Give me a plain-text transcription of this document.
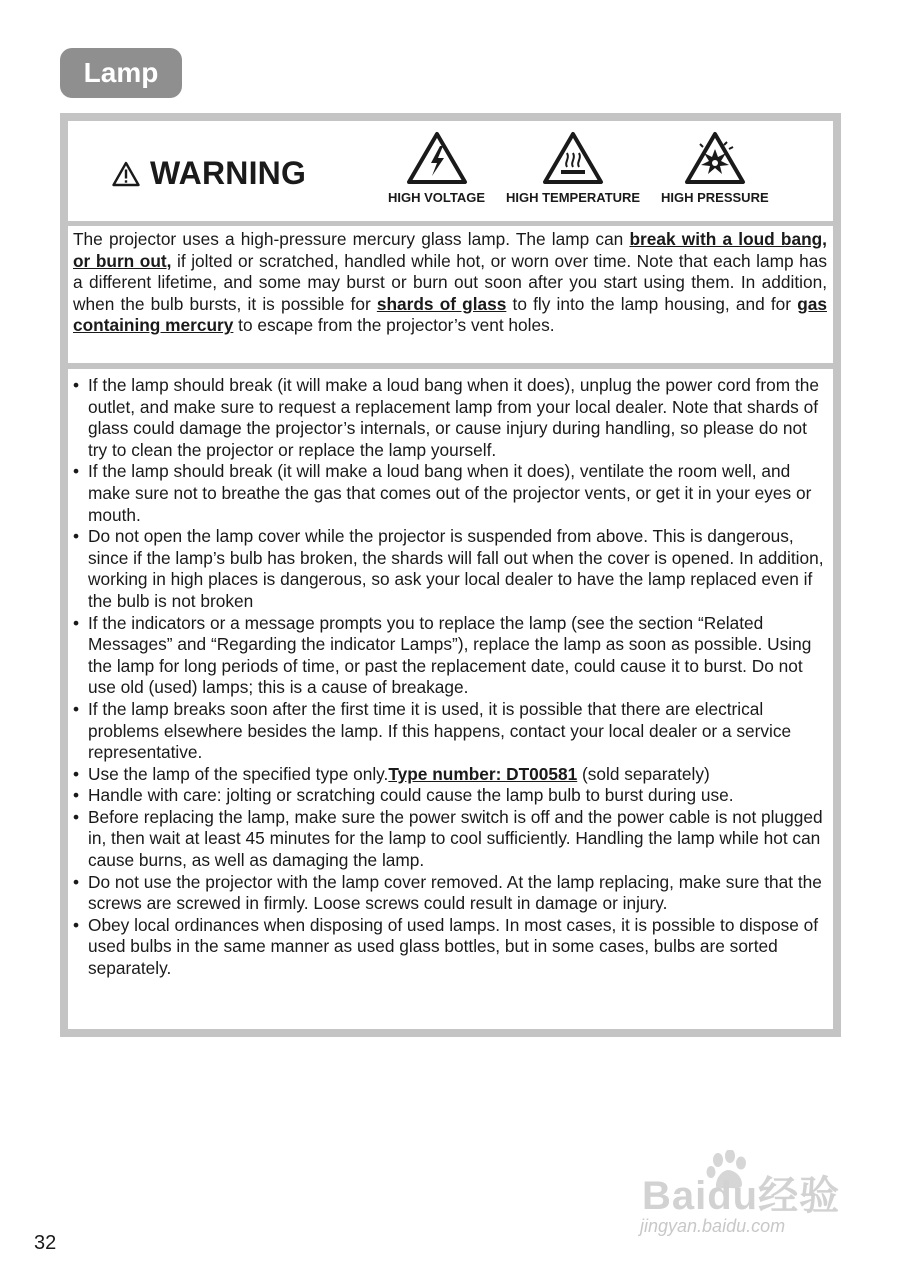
Lamp
WARNING
HIGH VOLTAGE HIGH TEMPERATURE HIGH PRESSURE
The projector uses a high-pressure mercury glass lamp. The lamp can break with a loud bang, or burn out, if jolted or scratched, handled while hot, or worn over time. Note that each lamp has a different lifetime, and some may burst or burn out soon after you start using them. In addition, when the bulb bursts, it is possible for shards of glass to fly into the lamp housing, and for gas containing mercury to escape from the projector’s vent holes.
• If the lamp should break (it will make a loud bang when it does), unplug the power cord from the outlet, and make sure to request a replacement lamp from your local dealer. Note that shards of glass could damage the projector’s internals, or cause injury during handling, so please do not try to clean the projector or replace the lamp yourself.
• If the lamp should break (it will make a loud bang when it does), ventilate the room well, and make sure not to breathe the gas that comes out of the projector vents, or get it in your eyes or mouth.
• Do not open the lamp cover while the projector is suspended from above. This is dangerous, since if the lamp’s bulb has broken, the shards will fall out when the cover is opened. In addition, working in high places is dangerous, so ask your local dealer to have the lamp replaced even if the bulb is not broken
• If the indicators or a message prompts you to replace the lamp (see the section “Related Messages” and “Regarding the indicator Lamps”), replace the lamp as soon as possible. Using the lamp for long periods of time, or past the replacement date, could cause it to burst. Do not use old (used) lamps; this is a cause of breakage.
• If the lamp breaks soon after the first time it is used, it is possible that there are electrical problems elsewhere besides the lamp. If this happens, contact your local dealer or a service representative.
• Use the lamp of the specified type only.Type number: DT00581 (sold separately)
• Handle with care: jolting or scratching could cause the lamp bulb to burst during use.
• Before replacing the lamp, make sure the power switch is off and the power cable is not plugged in, then wait at least 45 minutes for the lamp to cool sufficiently. Handling the lamp while hot can cause burns, as well as damaging the lamp.
• Do not use the projector with the lamp cover removed. At the lamp replacing, make sure that the screws are screwed in firmly. Loose screws could result in damage or injury.
• Obey local ordinances when disposing of used lamps. In most cases, it is possible to dispose of used bulbs in the same manner as used glass bottles, but in some cases, bulbs are sorted separately.
32
Baidu经验
jingyan.baidu.com
